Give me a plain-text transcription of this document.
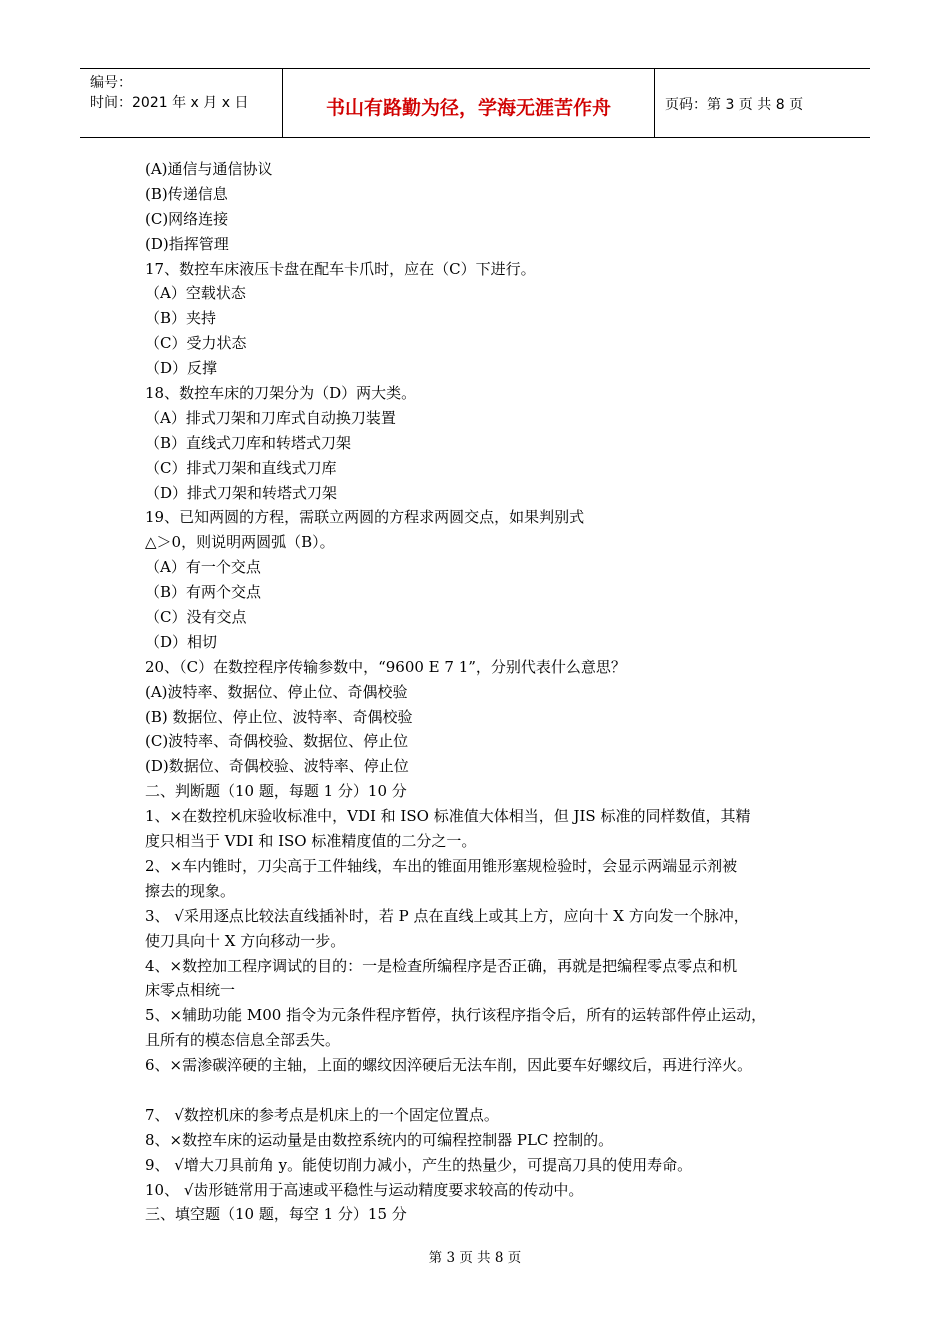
编号：
时间：2021 年 x 月 x 日	书山有路勤为径，学海无涯苦作舟	页码：第 3 页 共 8 页
(A)通信与通信协议
(B)传递信息
(C)网络连接
(D)指挥管理
17、数控车床液压卡盘在配车卡爪时，应在（C）下进行。
（A）空载状态
（B）夹持
（C）受力状态
（D）反撑
18、数控车床的刀架分为（D）两大类。
（A）排式刀架和刀库式自动换刀装置
（B）直线式刀库和转塔式刀架
（C）排式刀架和直线式刀库
（D）排式刀架和转塔式刀架
19、已知两圆的方程，需联立两圆的方程求两圆交点，如果判别式
△＞0，则说明两圆弧（B）。
（A）有一个交点
（B）有两个交点
（C）没有交点
（D）相切
20、（C）在数控程序传输参数中，“9600 E 7 1”，分别代表什么意思？
(A)波特率、数据位、停止位、奇偶校验
(B) 数据位、停止位、波特率、奇偶校验
(C)波特率、奇偶校验、数据位、停止位
(D)数据位、奇偶校验、波特率、停止位
二、判断题（10 题，每题 1 分）10 分
1、×在数控机床验收标准中，VDI 和 ISO 标准值大体相当，但 JIS 标准的同样数值，其精
度只相当于 VDI 和 ISO 标准精度值的二分之一。
2、×车内锥时，刀尖高于工件轴线，车出的锥面用锥形塞规检验时，会显示两端显示剂被
擦去的现象。
3、 √采用逐点比较法直线插补时，若 P 点在直线上或其上方，应向十 X 方向发一个脉冲，
使刀具向十 X 方向移动一步。
4、×数控加工程序调试的目的：一是检查所编程序是否正确，再就是把编程零点零点和机
床零点相统一
5、×辅助功能 M00 指令为元条件程序暂停，执行该程序指令后，所有的运转部件停止运动，
且所有的模态信息全部丢失。
6、×需渗碳淬硬的主轴，上面的螺纹因淬硬后无法车削，因此要车好螺纹后，再进行淬火。
7、 √数控机床的参考点是机床上的一个固定位置点。
8、×数控车床的运动量是由数控系统内的可编程控制器 PLC 控制的。
9、 √增大刀具前角 y。能使切削力减小，产生的热量少，可提高刀具的使用寿命。
10、 √齿形链常用于高速或平稳性与运动精度要求较高的传动中。
三、填空题（10 题，每空 1 分）15 分
第 3 页 共 8 页
